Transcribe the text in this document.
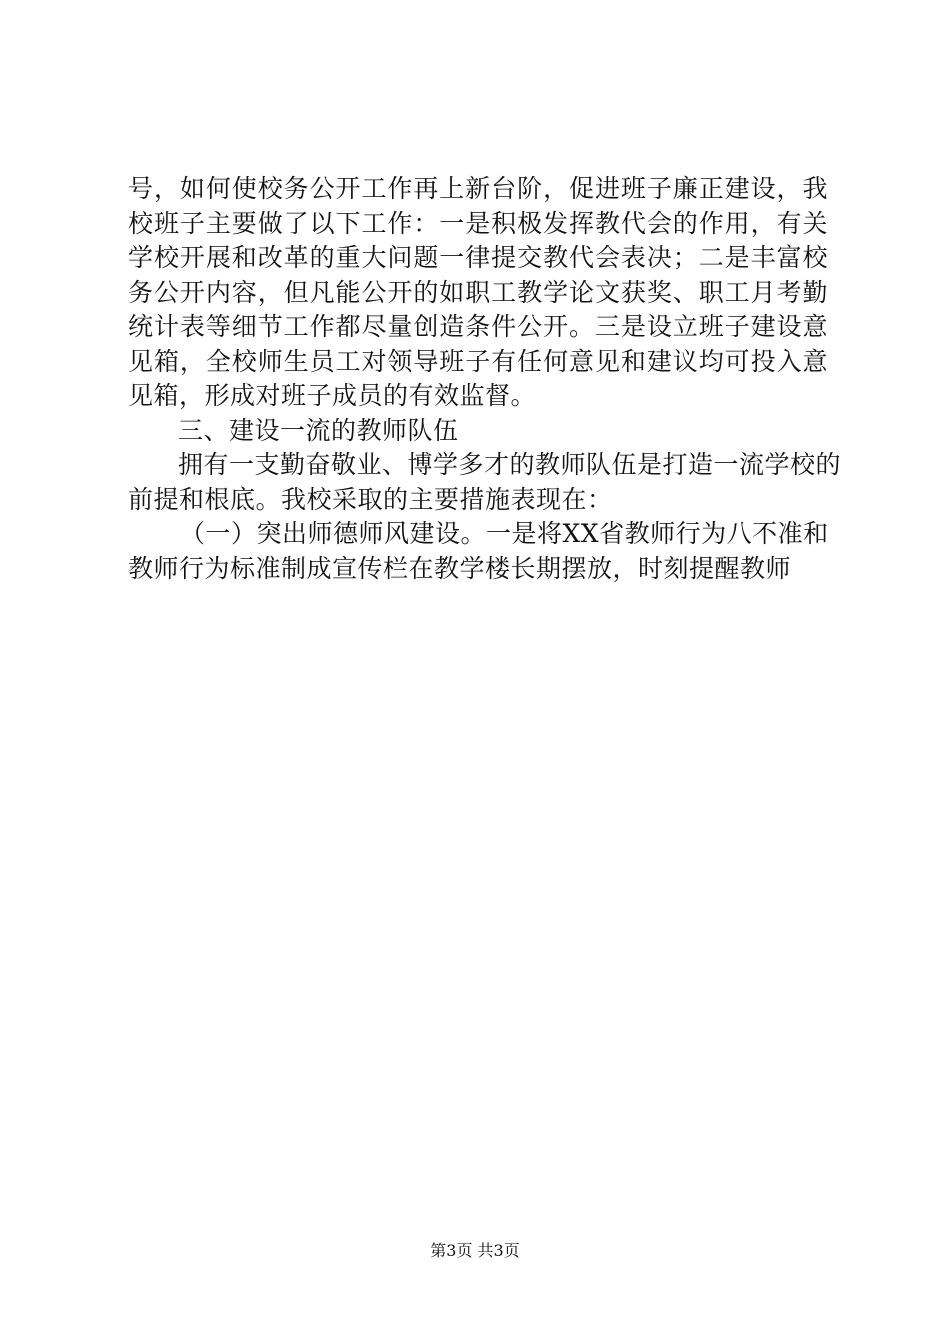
号，如何使校务公开工作再上新台阶，促进班子廉正建设，我
校班子主要做了以下工作：一是积极发挥教代会的作用，有关
学校开展和改革的重大问题一律提交教代会表决；二是丰富校
务公开内容，但凡能公开的如职工教学论文获奖、职工月考勤
统计表等细节工作都尽量创造条件公开。三是设立班子建设意
见箱，全校师生员工对领导班子有任何意见和建议均可投入意
见箱，形成对班子成员的有效监督。
三、建设一流的教师队伍
拥有一支勤奋敬业、博学多才的教师队伍是打造一流学校的
前提和根底。我校采取的主要措施表现在：
（一）突出师德师风建设。一是将XX省教师行为八不准和
教师行为标准制成宣传栏在教学楼长期摆放，时刻提醒教师
第3页 共3页
